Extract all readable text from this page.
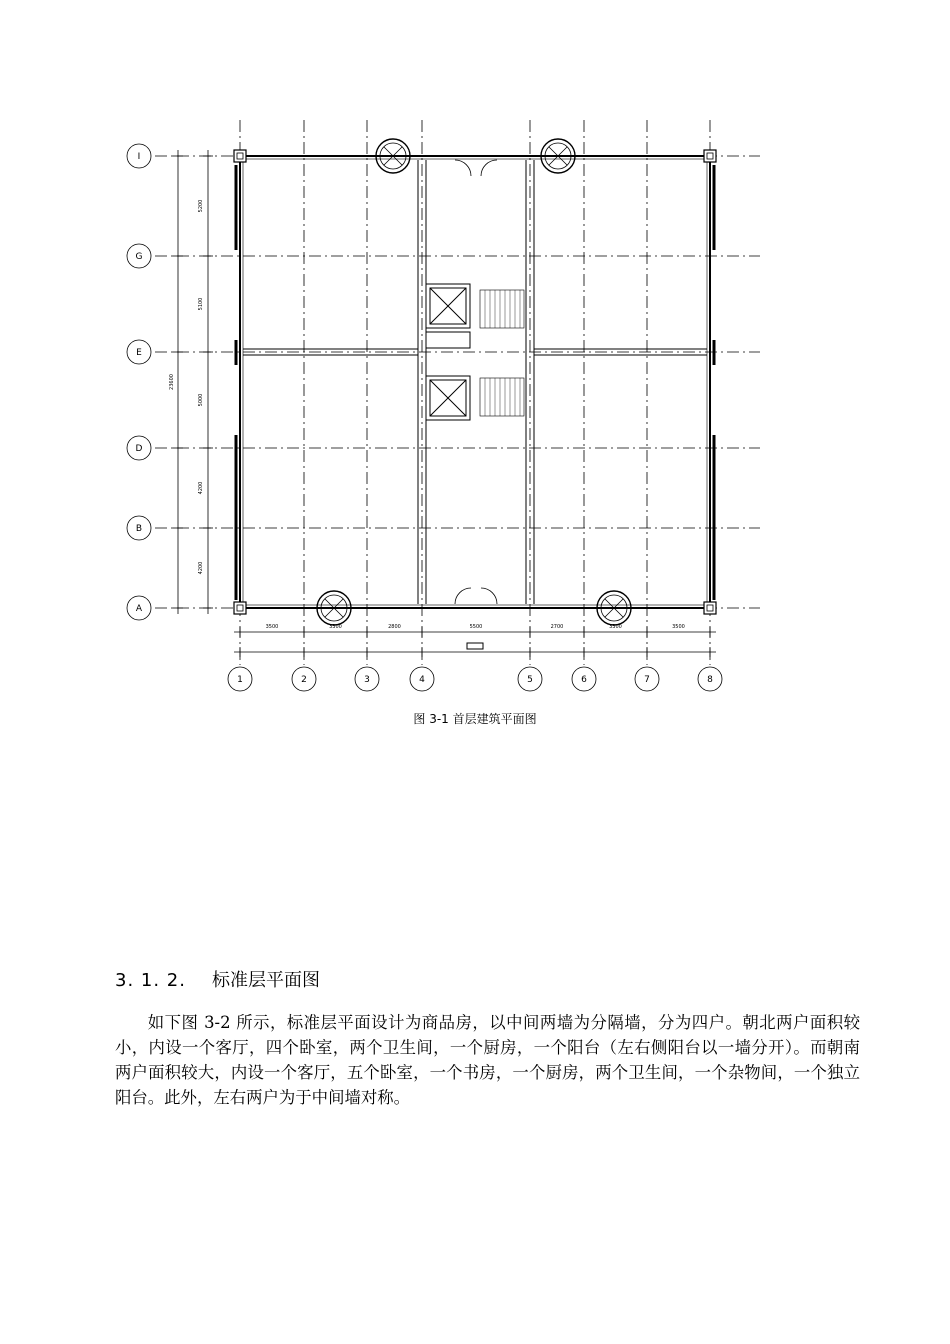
5200
5100
5000
4200
4200
23600
3500	3300	2800	5500	2700	3300	3500
I
G
E
D
B
A
1	2	3	4	5	6	7	8
图 3-1 首层建筑平面图
3. 1. 2. 标准层平面图

如下图 3-2 所示，标准层平面设计为商品房，以中间两墙为分隔墙，分为四户。朝北两户面积较小，内设一个客厅，四个卧室，两个卫生间，一个厨房，一个阳台（左右侧阳台以一墙分开）。而朝南两户面积较大，内设一个客厅，五个卧室，一个书房，一个厨房，两个卫生间，一个杂物间，一个独立阳台。此外，左右两户为于中间墙对称。
